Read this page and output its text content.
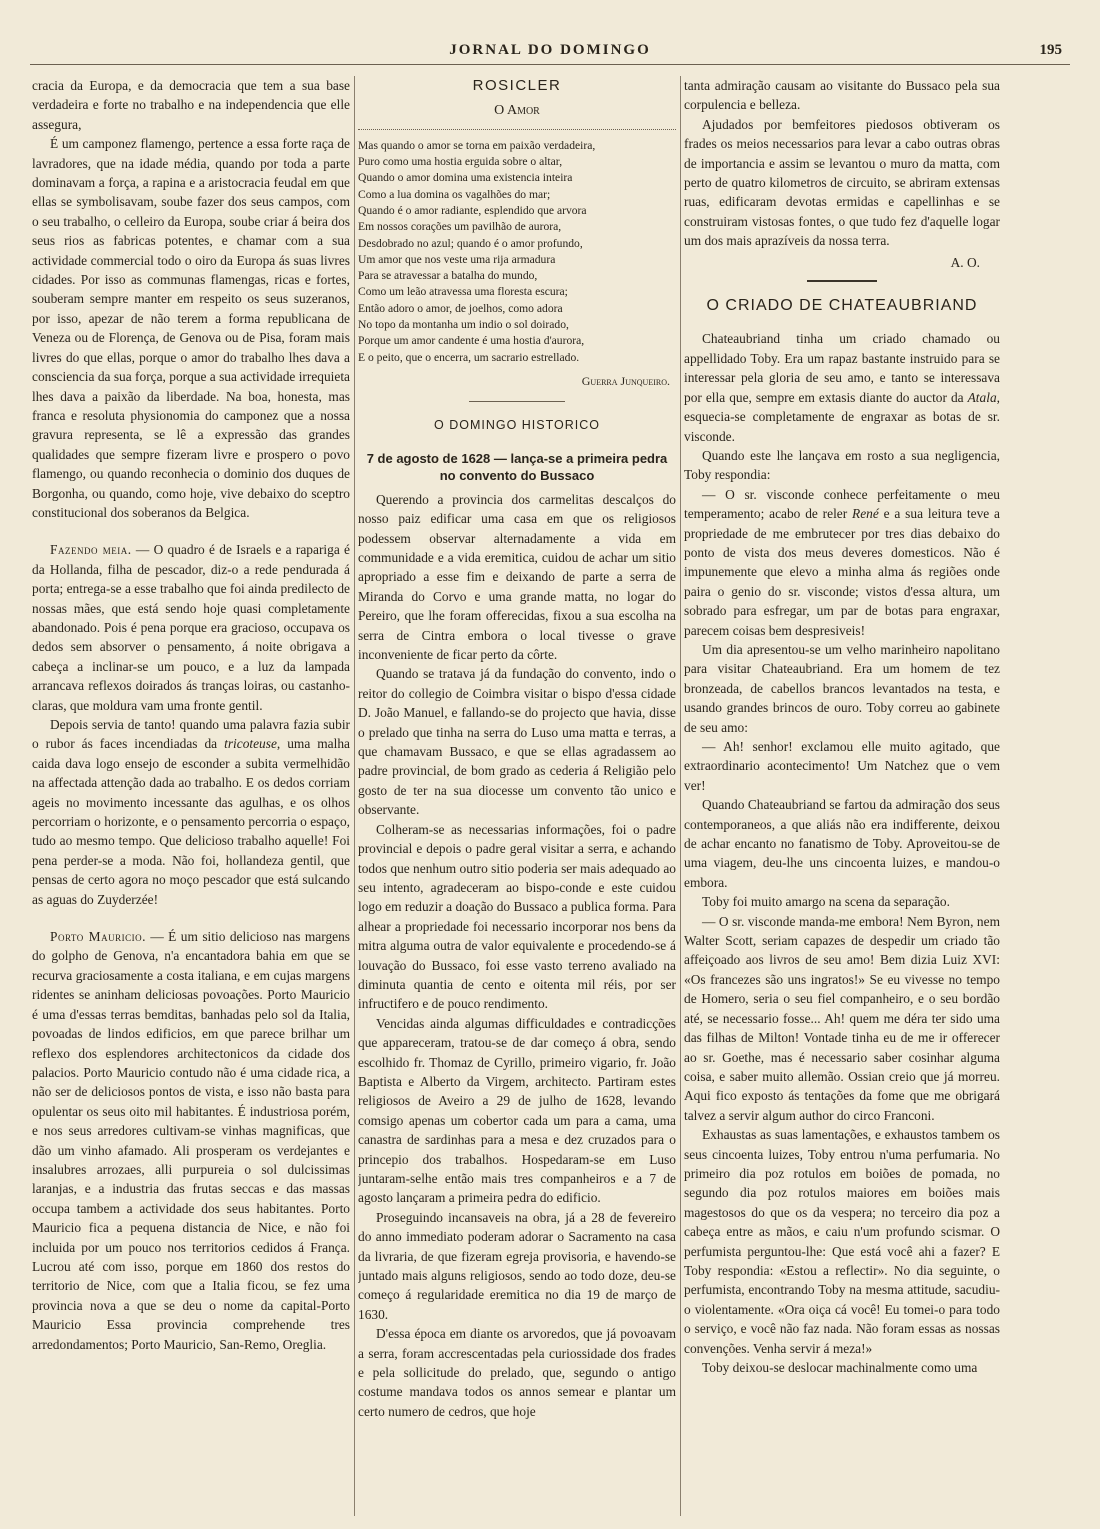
JORNAL DO DOMINGO	195

cracia da Europa, e da democracia que tem a sua base verdadeira e forte no trabalho e na independencia que elle assegura,

É um camponez flamengo, pertence a essa forte raça de lavradores, que na idade média, quando por toda a parte dominavam a força, a rapina e a aristocracia feudal em que ellas se symbolisavam, soube fazer dos seus campos, com o seu trabalho, o celleiro da Europa, soube criar á beira dos seus rios as fabricas potentes, e chamar com a sua actividade commercial todo o oiro da Europa ás suas livres cidades. Por isso as communas flamengas, ricas e fortes, souberam sempre manter em respeito os seus suzeranos, por isso, apezar de não terem a forma republicana de Veneza ou de Florença, de Genova ou de Pisa, foram mais livres do que ellas, porque o amor do trabalho lhes dava a consciencia da sua força, porque a sua actividade irrequieta lhes dava a paixão da liberdade. Na boa, honesta, mas franca e resoluta physionomia do camponez que a nossa gravura representa, se lê a expressão das grandes qualidades que sempre fizeram livre e prospero o povo flamengo, ou quando reconhecia o dominio dos duques de Borgonha, ou quando, como hoje, vive debaixo do sceptro constitucional dos soberanos da Belgica.

Fazendo meia. — O quadro é de Israels e a rapariga é da Hollanda, filha de pescador, diz-o a rede pendurada á porta; entrega-se a esse trabalho que foi ainda predilecto de nossas mães, que está sendo hoje quasi completamente abandonado. Pois é pena porque era gracioso, occupava os dedos sem absorver o pensamento, á noite obrigava a cabeça a inclinar-se um pouco, e a luz da lampada arrancava reflexos doirados ás tranças loiras, ou castanho-claras, que moldura vam uma fronte gentil.

Depois servia de tanto! quando uma palavra fazia subir o rubor ás faces incendiadas da tricoteuse, uma malha caida dava logo ensejo de esconder a subita vermelhidão na affectada attenção dada ao trabalho. E os dedos corriam ageis no movimento incessante das agulhas, e os olhos percorriam o horizonte, e o pensamento percorria o espaço, tudo ao mesmo tempo. Que delicioso trabalho aquelle! Foi pena perder-se a moda. Não foi, hollandeza gentil, que pensas de certo agora no moço pescador que está sulcando as aguas do Zuyderzée!

Porto Mauricio. — É um sitio delicioso nas margens do golpho de Genova, n'a encantadora bahia em que se recurva graciosamente a costa italiana, e em cujas margens ridentes se aninham deliciosas povoações. Porto Mauricio é uma d'essas terras bemditas, banhadas pelo sol da Italia, povoadas de lindos edificios, em que parece brilhar um reflexo dos esplendores architectonicos da cidade dos palacios. Porto Mauricio contudo não é uma cidade rica, a não ser de deliciosos pontos de vista, e isso não basta para opulentar os seus oito mil habitantes. É industriosa porém, e nos seus arredores cultivam-se vinhas magnificas, que dão um vinho afamado. Ali prosperam os verdejantes e insalubres arrozaes, alli purpureia o sol dulcissimas laranjas, e a industria das frutas seccas e das massas occupa tambem a actividade dos seus habitantes. Porto Mauricio fica a pequena distancia de Nice, e não foi incluida por um pouco nos territorios cedidos á França. Lucrou até com isso, porque em 1860 dos restos do territorio de Nice, com que a Italia ficou, se fez uma provincia nova a que se deu o nome da capital-Porto Mauricio Essa provincia comprehende tres arredondamentos; Porto Mauricio, San-Remo, Oreglia.

ROSICLER
O Amor
Mas quando o amor se torna em paixão verdadeira,
Puro como uma hostia erguida sobre o altar,
Quando o amor domina uma existencia inteira
Como a lua domina os vagalhões do mar;
Quando é o amor radiante, esplendido que arvora
Em nossos corações um pavilhão de aurora,
Desdobrado no azul; quando é o amor profundo,
Um amor que nos veste uma rija armadura
Para se atravessar a batalha do mundo,
Como um leão atravessa uma floresta escura;
Então adoro o amor, de joelhos, como adora
No topo da montanha um indio o sol doirado,
Porque um amor candente é uma hostia d'aurora,
E o peito, que o encerra, um sacrario estrellado.
Guerra Junqueiro.
O DOMINGO HISTORICO
7 de agosto de 1628 — lança-se a primeira pedra no convento do Bussaco

Querendo a provincia dos carmelitas descalços do nosso paiz edificar uma casa em que os religiosos podessem observar alternadamente a vida em communidade e a vida eremitica, cuidou de achar um sitio apropriado a esse fim e deixando de parte a serra de Miranda do Corvo e uma grande matta, no logar do Pereiro, que lhe foram offerecidas, fixou a sua escolha na serra de Cintra embora o local tivesse o grave inconveniente de ficar perto da côrte.

Quando se tratava já da fundação do convento, indo o reitor do collegio de Coimbra visitar o bispo d'essa cidade D. João Manuel, e fallando-se do projecto que havia, disse o prelado que tinha na serra do Luso uma matta e terras, a que chamavam Bussaco, e que se ellas agradassem ao padre provincial, de bom grado as cederia á Religião pelo gosto de ter na sua diocesse um convento tão unico e observante.

Colheram-se as necessarias informações, foi o padre provincial e depois o padre geral visitar a serra, e achando todos que nenhum outro sitio poderia ser mais adequado ao seu intento, agradeceram ao bispo-conde e este cuidou logo em reduzir a doação do Bussaco a publica forma. Para alhear a propriedade foi necessario incorporar nos bens da mitra alguma outra de valor equivalente e procedendo-se á louvação do Bussaco, foi esse vasto terreno avaliado na diminuta quantia de cento e oitenta mil réis, por ser infructifero e de pouco rendimento.

Vencidas ainda algumas difficuldades e contradicções que appareceram, tratou-se de dar começo á obra, sendo escolhido fr. Thomaz de Cyrillo, primeiro vigario, fr. João Baptista e Alberto da Virgem, architecto. Partiram estes religiosos de Aveiro a 29 de julho de 1628, levando comsigo apenas um cobertor cada um para a cama, uma canastra de sardinhas para a mesa e dez cruzados para o princepio dos trabalhos. Hospedaram-se em Luso juntaram-selhe então mais tres companheiros e a 7 de agosto lançaram a primeira pedra do edificio.

Proseguindo incansaveis na obra, já a 28 de fevereiro do anno immediato poderam adorar o Sacramento na casa da livraria, de que fizeram egreja provisoria, e havendo-se juntado mais alguns religiosos, sendo ao todo doze, deu-se começo á regularidade eremitica no dia 19 de março de 1630.

D'essa época em diante os arvoredos, que já povoavam a serra, foram accrescentadas pela curiossidade dos frades e pela sollicitude do prelado, que, segundo o antigo costume mandava todos os annos semear e plantar um certo numero de cedros, que hoje

tanta admiração causam ao visitante do Bussaco pela sua corpulencia e belleza.

Ajudados por bemfeitores piedosos obtiveram os frades os meios necessarios para levar a cabo outras obras de importancia e assim se levantou o muro da matta, com perto de quatro kilometros de circuito, se abriram extensas ruas, edificaram devotas ermidas e capellinhas e se construiram vistosas fontes, o que tudo fez d'aquelle logar um dos mais aprazíveis da nossa terra.

A. O.
O CRIADO DE CHATEAUBRIAND

Chateaubriand tinha um criado chamado ou appellidado Toby. Era um rapaz bastante instruido para se interessar pela gloria de seu amo, e tanto se interessava por ella que, sempre em extasis diante do auctor da Atala, esquecia-se completamente de engraxar as botas de sr. visconde.

Quando este lhe lançava em rosto a sua negligencia, Toby respondia:

— O sr. visconde conhece perfeitamente o meu temperamento; acabo de reler René e a sua leitura teve a propriedade de me embrutecer por tres dias debaixo do ponto de vista dos meus deveres domesticos. Não é impunemente que elevo a minha alma ás regiões onde paira o genio do sr. visconde; vistos d'essa altura, um sobrado para esfregar, um par de botas para engraxar, parecem coisas bem despresiveis!

Um dia apresentou-se um velho marinheiro napolitano para visitar Chateaubriand. Era um homem de tez bronzeada, de cabellos brancos levantados na testa, e usando grandes brincos de ouro. Toby correu ao gabinete de seu amo:

— Ah! senhor! exclamou elle muito agitado, que extraordinario acontecimento! Um Natchez que o vem ver!

Quando Chateaubriand se fartou da admiração dos seus contemporaneos, a que aliás não era indifferente, deixou de achar encanto no fanatismo de Toby. Aproveitou-se de uma viagem, deu-lhe uns cincoenta luizes, e mandou-o embora.

Toby foi muito amargo na scena da separação.

— O sr. visconde manda-me embora! Nem Byron, nem Walter Scott, seriam capazes de despedir um criado tão affeiçoado aos livros de seu amo! Bem dizia Luiz XVI: «Os francezes são uns ingratos!» Se eu vivesse no tempo de Homero, seria o seu fiel companheiro, e o seu bordão até, se necessario fosse... Ah! quem me déra ter sido uma das filhas de Milton! Vontade tinha eu de me ir offerecer ao sr. Goethe, mas é necessario saber cosinhar alguma coisa, e saber muito allemão. Ossian creio que já morreu. Aqui fico exposto ás tentações da fome que me obrigará talvez a servir algum author do circo Franconi.

Exhaustas as suas lamentações, e exhaustos tambem os seus cincoenta luizes, Toby entrou n'uma perfumaria. No primeiro dia poz rotulos em boiões de pomada, no segundo dia poz rotulos maiores em boiões mais magestosos do que os da vespera; no terceiro dia poz a cabeça entre as mãos, e caiu n'um profundo scismar. O perfumista perguntou-lhe: Que está você ahi a fazer? E Toby respondia: «Estou a reflectir». No dia seguinte, o perfumista, encontrando Toby na mesma attitude, sacudiu-o violentamente. «Ora oiça cá você! Eu tomei-o para todo o serviço, e você não faz nada. Não foram essas as nossas convenções. Venha servir á meza!»

Toby deixou-se deslocar machinalmente como uma
